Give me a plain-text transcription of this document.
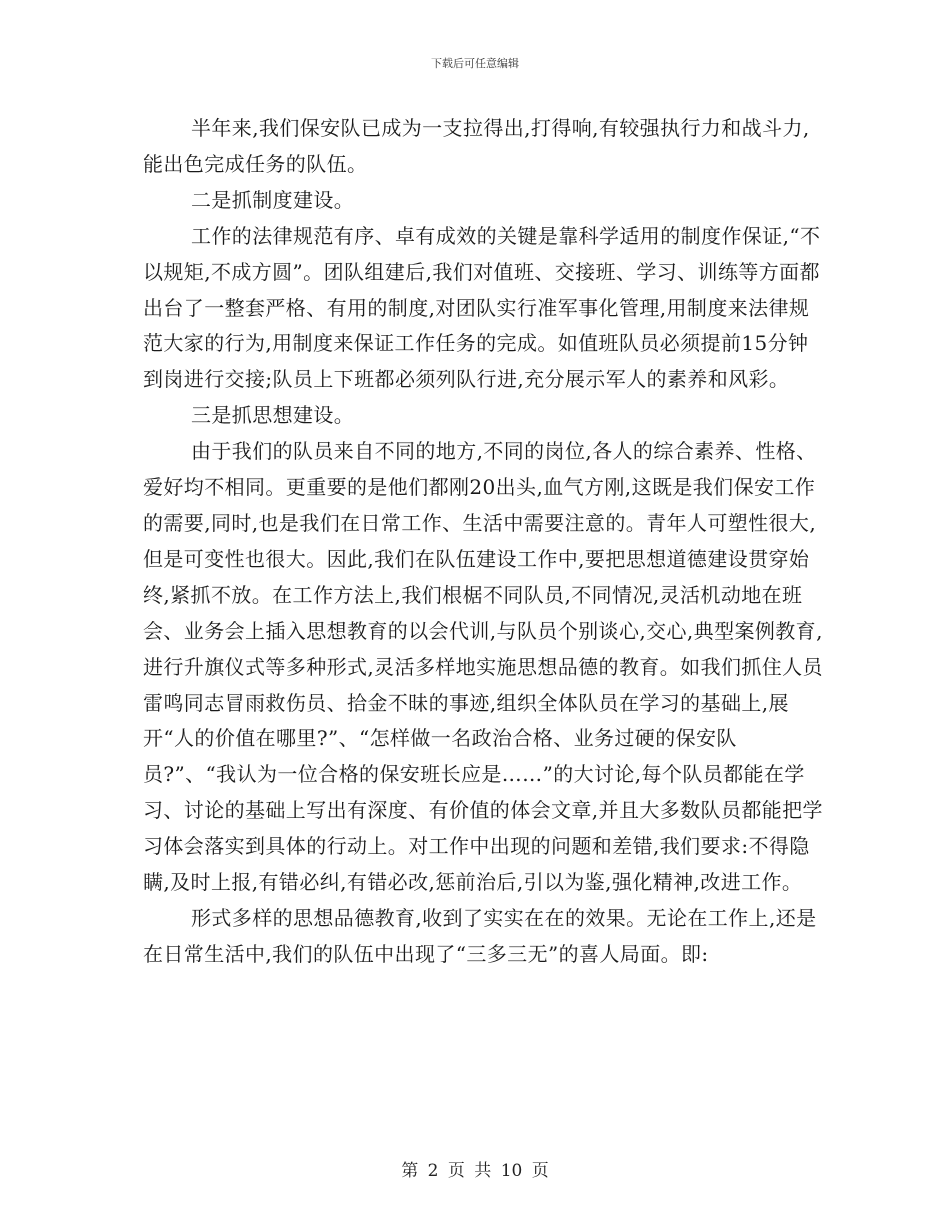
下载后可任意编辑

半年来,我们保安队已成为一支拉得出,打得响,有较强执行力和战斗力,能出色完成任务的队伍。

二是抓制度建设。

工作的法律规范有序、卓有成效的关键是靠科学适用的制度作保证,“不以规矩,不成方圆”。团队组建后,我们对值班、交接班、学习、训练等方面都出台了一整套严格、有用的制度,对团队实行准军事化管理,用制度来法律规范大家的行为,用制度来保证工作任务的完成。如值班队员必须提前15分钟到岗进行交接;队员上下班都必须列队行进,充分展示军人的素养和风彩。

三是抓思想建设。

由于我们的队员来自不同的地方,不同的岗位,各人的综合素养、性格、爱好均不相同。更重要的是他们都刚20出头,血气方刚,这既是我们保安工作的需要,同时,也是我们在日常工作、生活中需要注意的。青年人可塑性很大,但是可变性也很大。因此,我们在队伍建设工作中,要把思想道德建设贯穿始终,紧抓不放。在工作方法上,我们根椐不同队员,不同情况,灵活机动地在班会、业务会上插入思想教育的以会代训,与队员个别谈心,交心,典型案例教育,进行升旗仪式等多种形式,灵活多样地实施思想品德的教育。如我们抓住人员雷鸣同志冒雨救伤员、拾金不昧的事迹,组织全体队员在学习的基础上,展开“人的价值在哪里?”、“怎样做一名政治合格、业务过硬的保安队员?”、“我认为一位合格的保安班长应是……”的大讨论,每个队员都能在学习、讨论的基础上写出有深度、有价值的体会文章,并且大多数队员都能把学习体会落实到具体的行动上。对工作中出现的问题和差错,我们要求:不得隐瞒,及时上报,有错必纠,有错必改,惩前治后,引以为鉴,强化精神,改进工作。

形式多样的思想品德教育,收到了实实在在的效果。无论在工作上,还是在日常生活中,我们的队伍中出现了“三多三无”的喜人局面。即:

第 2 页 共 10 页
